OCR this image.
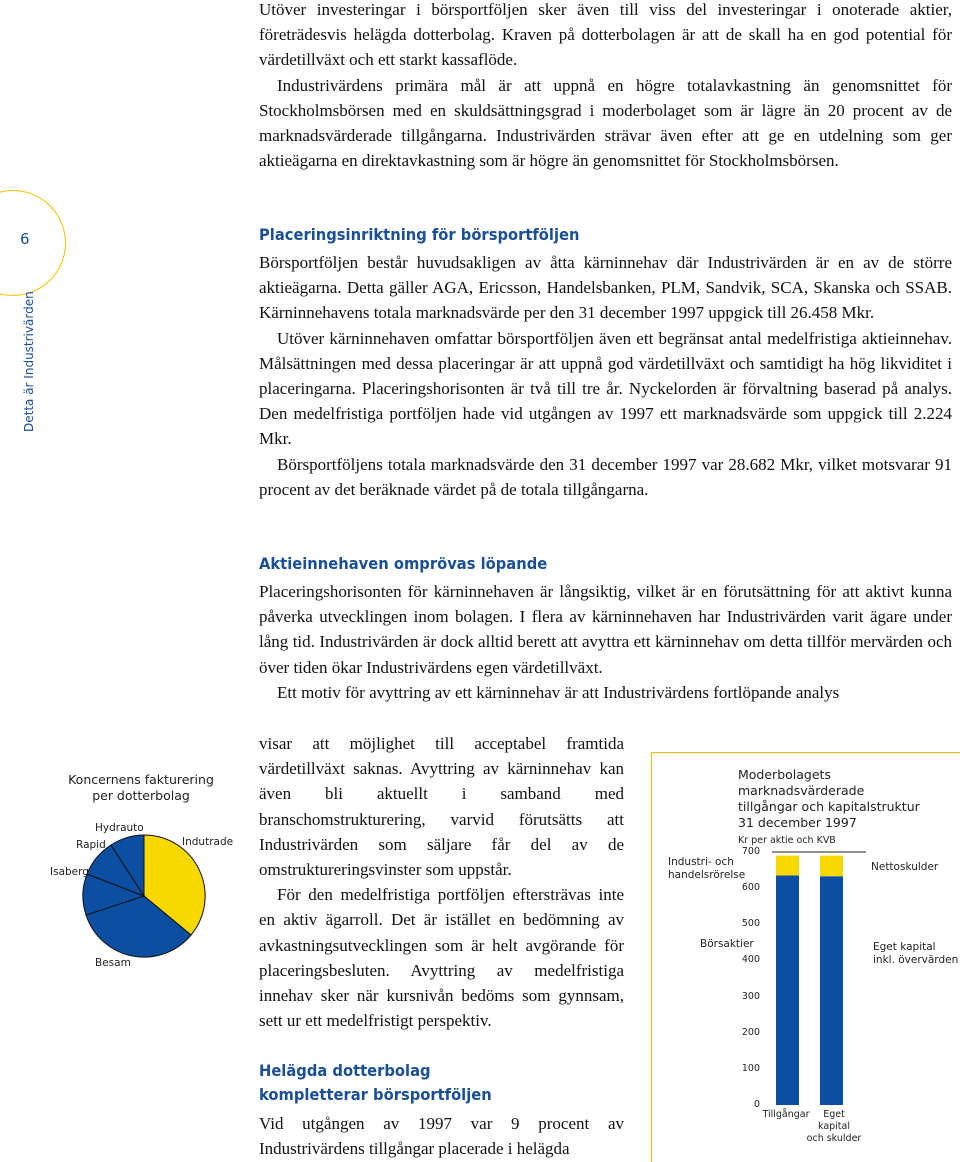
6
Detta är Industrivärden

Utöver investeringar i börsportföljen sker även till viss del investeringar i onoterade aktier, företrädesvis helägda dotterbolag. Kraven på dotterbolagen är att de skall ha en god potential för värdetillväxt och ett starkt kassaflöde.

Industrivärdens primära mål är att uppnå en högre totalavkastning än genomsnittet för Stockholmsbörsen med en skuldsättningsgrad i moderbolaget som är lägre än 20 procent av de marknadsvärderade tillgångarna. Industrivärden strävar även efter att ge en utdelning som ger aktieägarna en direktavkastning som är högre än genomsnittet för Stockholmsbörsen.

Placeringsinriktning för börsportföljen

Börsportföljen består huvudsakligen av åtta kärninnehav där Industrivärden är en av de större aktieägarna. Detta gäller AGA, Ericsson, Handelsbanken, PLM, Sandvik, SCA, Skanska och SSAB. Kärninnehavens totala marknadsvärde per den 31 december 1997 uppgick till 26.458 Mkr.

Utöver kärninnehaven omfattar börsportföljen även ett begränsat antal medelfristiga aktieinnehav. Målsättningen med dessa placeringar är att uppnå god värdetillväxt och samtidigt ha hög likviditet i placeringarna. Placeringshorisonten är två till tre år. Nyckelorden är förvaltning baserad på analys. Den medelfristiga portföljen hade vid utgången av 1997 ett marknadsvärde som uppgick till 2.224 Mkr.

Börsportföljens totala marknadsvärde den 31 december 1997 var 28.682 Mkr, vilket motsvarar 91 procent av det beräknade värdet på de totala tillgångarna.

Aktieinnehaven omprövas löpande

Placeringshorisonten för kärninnehaven är långsiktig, vilket är en förutsättning för att aktivt kunna påverka utvecklingen inom bolagen. I flera av kärninnehaven har Industrivärden varit ägare under lång tid. Industrivärden är dock alltid berett att avyttra ett kärninnehav om detta tillför mervärden och över tiden ökar Industrivärdens egen värdetillväxt.

Ett motiv för avyttring av ett kärninnehav är att Industrivärdens fortlöpande analys

visar att möjlighet till acceptabel framtida värdetillväxt saknas. Avyttring av kärninnehav kan även bli aktuellt i samband med branschomstrukturering, varvid förutsätts att Industrivärden som säljare får del av de omstruktureringsvinster som uppstår.

För den medelfristiga portföljen eftersträvas inte en aktiv ägarroll. Det är istället en bedömning av avkastningsutvecklingen som är helt avgörande för placeringsbesluten. Avyttring av medelfristiga innehav sker när kursnivån bedöms som gynnsam, sett ur ett medelfristigt perspektiv.

Helägda dotterbolag
kompletterar börsportföljen

Vid utgången av 1997 var 9 procent av Industrivärdens tillgångar placerade i helägda

Koncernens fakturering
per dotterbolag
Hydrauto
Rapid
Isaberg
Indutrade
Besam
Moderbolagets
marknadsvärderade
tillgångar och kapitalstruktur
31 december 1997
Kr per aktie och KVB
Industri- och
handelsrörelse
Börsaktier
Nettoskulder
Eget kapital
inkl. övervärden
0
100
200
300
400
500
600
700
Tillgångar	Eget kapital
och skulder
